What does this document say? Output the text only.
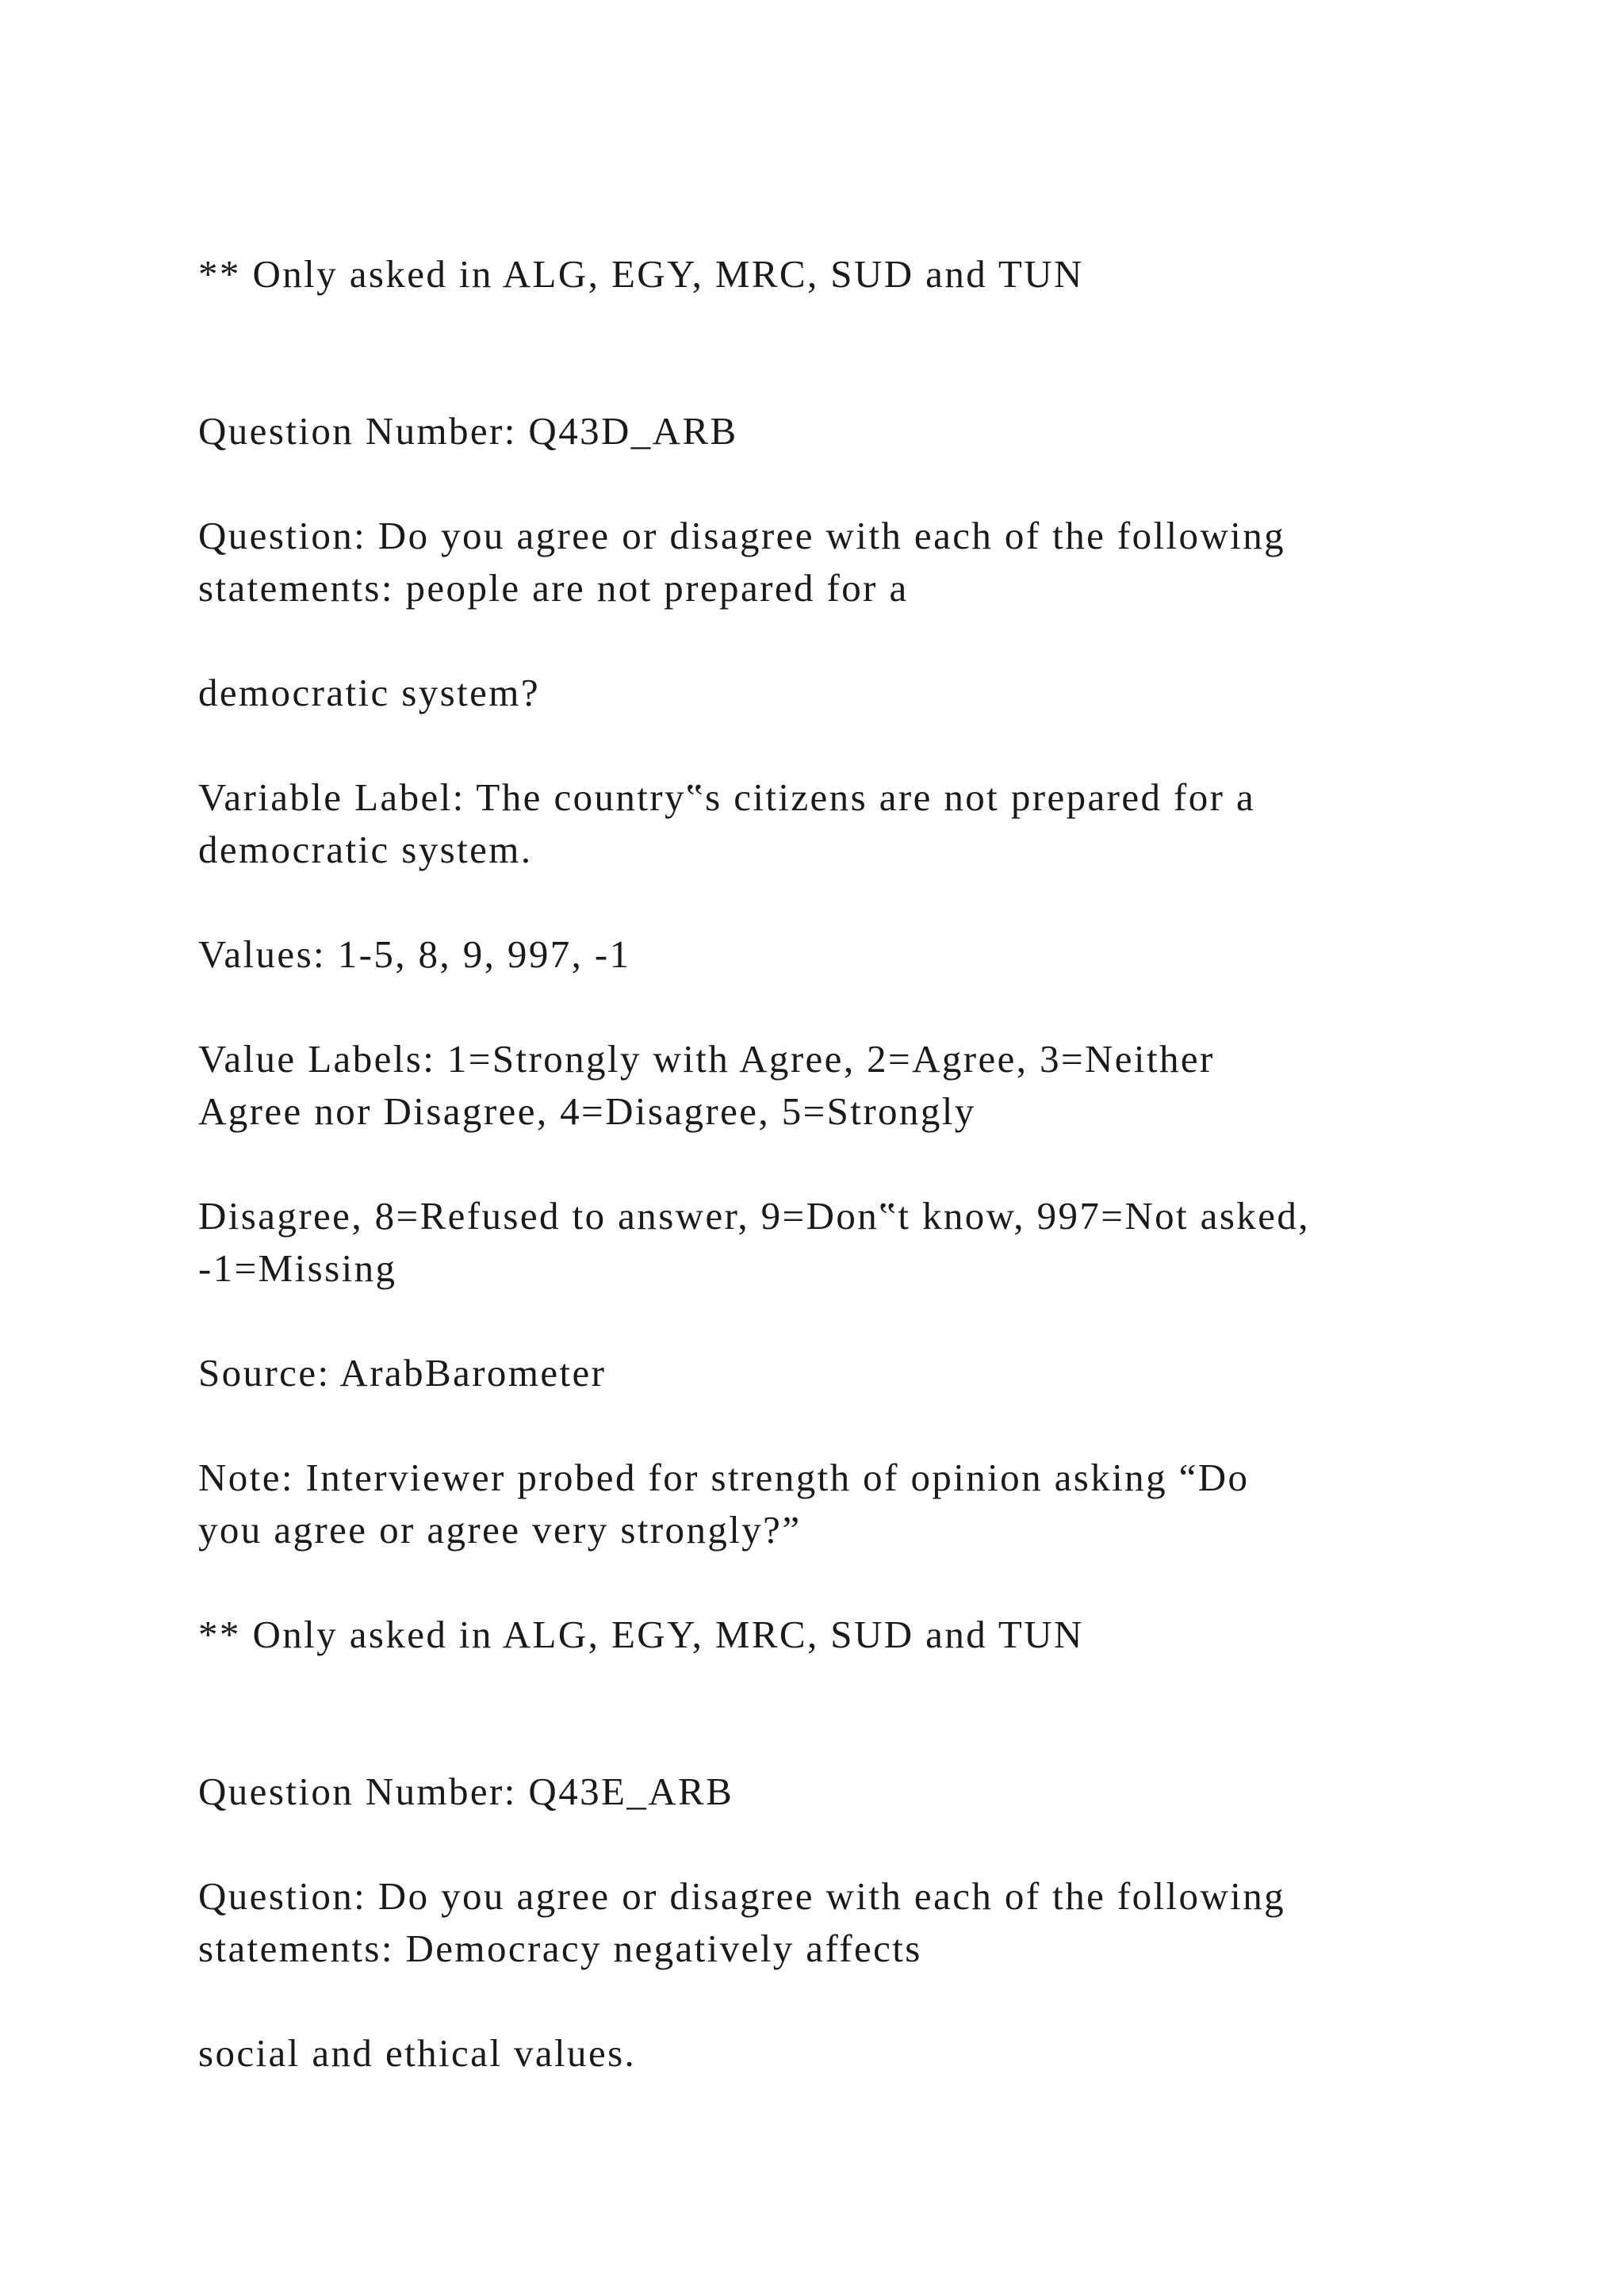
** Only asked in ALG, EGY, MRC, SUD and TUN
Question Number: Q43D_ARB
Question: Do you agree or disagree with each of the following
statements: people are not prepared for a
democratic system?
Variable Label: The country‟s citizens are not prepared for a
democratic system.
Values: 1-5, 8, 9, 997, -1
Value Labels: 1=Strongly with Agree, 2=Agree, 3=Neither
Agree nor Disagree, 4=Disagree, 5=Strongly
Disagree, 8=Refused to answer, 9=Don‟t know, 997=Not asked,
-1=Missing
Source: ArabBarometer
Note: Interviewer probed for strength of opinion asking “Do
you agree or agree very strongly?”
** Only asked in ALG, EGY, MRC, SUD and TUN
Question Number: Q43E_ARB
Question: Do you agree or disagree with each of the following
statements: Democracy negatively affects
social and ethical values.
